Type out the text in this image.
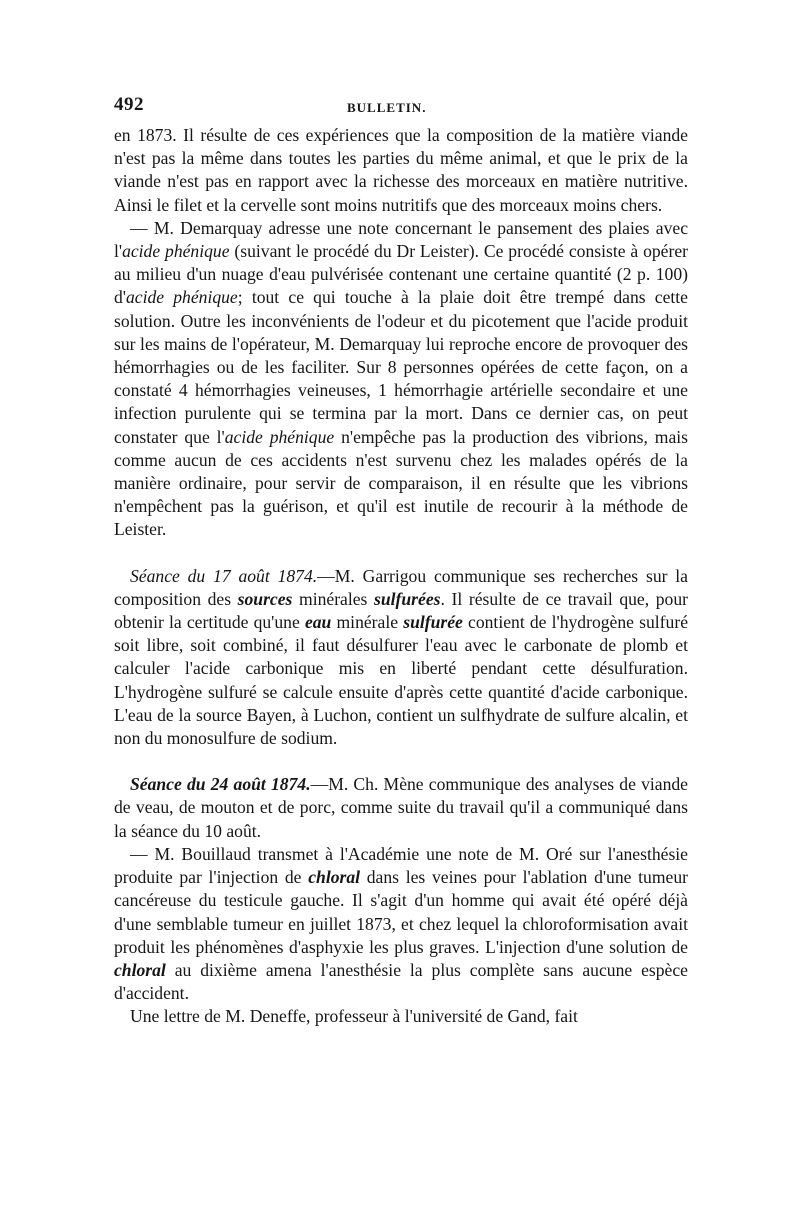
492	BULLETIN.

en 1873. Il résulte de ces expériences que la composition de la matière viande n'est pas la même dans toutes les parties du même animal, et que le prix de la viande n'est pas en rapport avec la richesse des morceaux en matière nutritive. Ainsi le filet et la cervelle sont moins nutritifs que des morceaux moins chers.

— M. Demarquay adresse une note concernant le pansement des plaies avec l'acide phénique (suivant le procédé du Dr Leister). Ce procédé consiste à opérer au milieu d'un nuage d'eau pulvérisée contenant une certaine quantité (2 p. 100) d'acide phénique; tout ce qui touche à la plaie doit être trempé dans cette solution. Outre les inconvénients de l'odeur et du picotement que l'acide produit sur les mains de l'opérateur, M. Demarquay lui reproche encore de provoquer des hémorrhagies ou de les faciliter. Sur 8 personnes opérées de cette façon, on a constaté 4 hémorrhagies veineuses, 1 hémorrhagie artérielle secondaire et une infection purulente qui se termina par la mort. Dans ce dernier cas, on peut constater que l'acide phénique n'empêche pas la production des vibrions, mais comme aucun de ces accidents n'est survenu chez les malades opérés de la manière ordinaire, pour servir de comparaison, il en résulte que les vibrions n'empêchent pas la guérison, et qu'il est inutile de recourir à la méthode de Leister.

Séance du 17 août 1874.—M. Garrigou communique ses recherches sur la composition des sources minérales sulfurées. Il résulte de ce travail que, pour obtenir la certitude qu'une eau minérale sulfurée contient de l'hydrogène sulfuré soit libre, soit combiné, il faut désulfurer l'eau avec le carbonate de plomb et calculer l'acide carbonique mis en liberté pendant cette désulfuration. L'hydrogène sulfuré se calcule ensuite d'après cette quantité d'acide carbonique. L'eau de la source Bayen, à Luchon, contient un sulfhydrate de sulfure alcalin, et non du monosulfure de sodium.

Séance du 24 août 1874.—M. Ch. Mène communique des analyses de viande de veau, de mouton et de porc, comme suite du travail qu'il a communiqué dans la séance du 10 août.

— M. Bouillaud transmet à l'Académie une note de M. Oré sur l'anesthésie produite par l'injection de chloral dans les veines pour l'ablation d'une tumeur cancéreuse du testicule gauche. Il s'agit d'un homme qui avait été opéré déjà d'une semblable tumeur en juillet 1873, et chez lequel la chloroformisation avait produit les phénomènes d'asphyxie les plus graves. L'injection d'une solution de chloral au dixième amena l'anesthésie la plus complète sans aucune espèce d'accident.

Une lettre de M. Deneffe, professeur à l'université de Gand, fait
